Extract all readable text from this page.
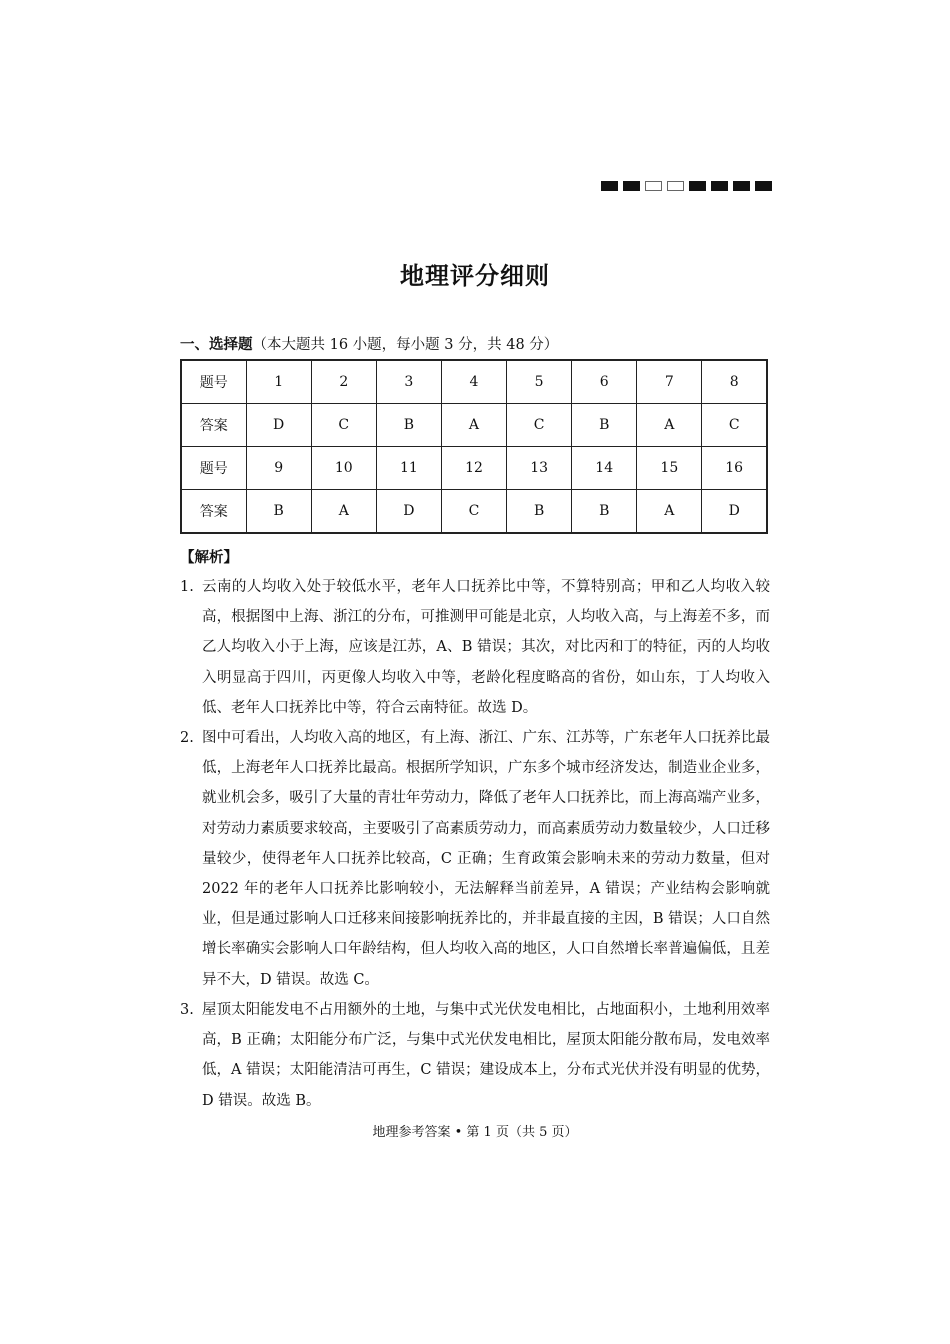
地理评分细则
一、选择题（本大题共 16 小题，每小题 3 分，共 48 分）
题号	1	2	3	4	5	6	7	8
答案	D	C	B	A	C	B	A	C
题号	9	10	11	12	13	14	15	16
答案	B	A	D	C	B	B	A	D
【解析】
1. 云南的人均收入处于较低水平，老年人口抚养比中等，不算特别高；甲和乙人均收入较高，根据图中上海、浙江的分布，可推测甲可能是北京，人均收入高，与上海差不多，而乙人均收入小于上海，应该是江苏，A、B 错误；其次，对比丙和丁的特征，丙的人均收入明显高于四川，丙更像人均收入中等，老龄化程度略高的省份，如山东，丁人均收入低、老年人口抚养比中等，符合云南特征。故选 D。
2. 图中可看出，人均收入高的地区，有上海、浙江、广东、江苏等，广东老年人口抚养比最低，上海老年人口抚养比最高。根据所学知识，广东多个城市经济发达，制造业企业多，就业机会多，吸引了大量的青壮年劳动力，降低了老年人口抚养比，而上海高端产业多，对劳动力素质要求较高，主要吸引了高素质劳动力，而高素质劳动力数量较少，人口迁移量较少，使得老年人口抚养比较高，C 正确；生育政策会影响未来的劳动力数量，但对 2022 年的老年人口抚养比影响较小，无法解释当前差异，A 错误；产业结构会影响就业，但是通过影响人口迁移来间接影响抚养比的，并非最直接的主因，B 错误；人口自然增长率确实会影响人口年龄结构，但人均收入高的地区，人口自然增长率普遍偏低，且差异不大，D 错误。故选 C。
3. 屋顶太阳能发电不占用额外的土地，与集中式光伏发电相比，占地面积小，土地利用效率高，B 正确；太阳能分布广泛，与集中式光伏发电相比，屋顶太阳能分散布局，发电效率低，A 错误；太阳能清洁可再生，C 错误；建设成本上，分布式光伏并没有明显的优势，D 错误。故选 B。
地理参考答案 • 第 1 页（共 5 页）
